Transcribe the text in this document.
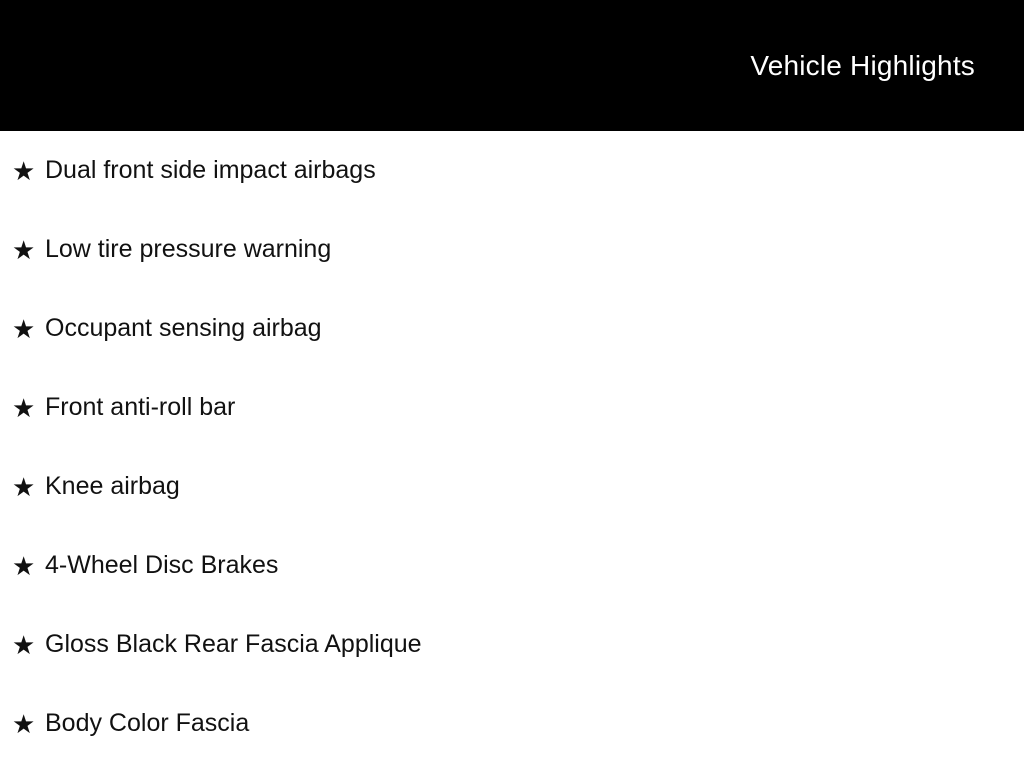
Vehicle Highlights
★ Dual front side impact airbags
★ Low tire pressure warning
★ Occupant sensing airbag
★ Front anti-roll bar
★ Knee airbag
★ 4-Wheel Disc Brakes
★ Gloss Black Rear Fascia Applique
★ Body Color Fascia
